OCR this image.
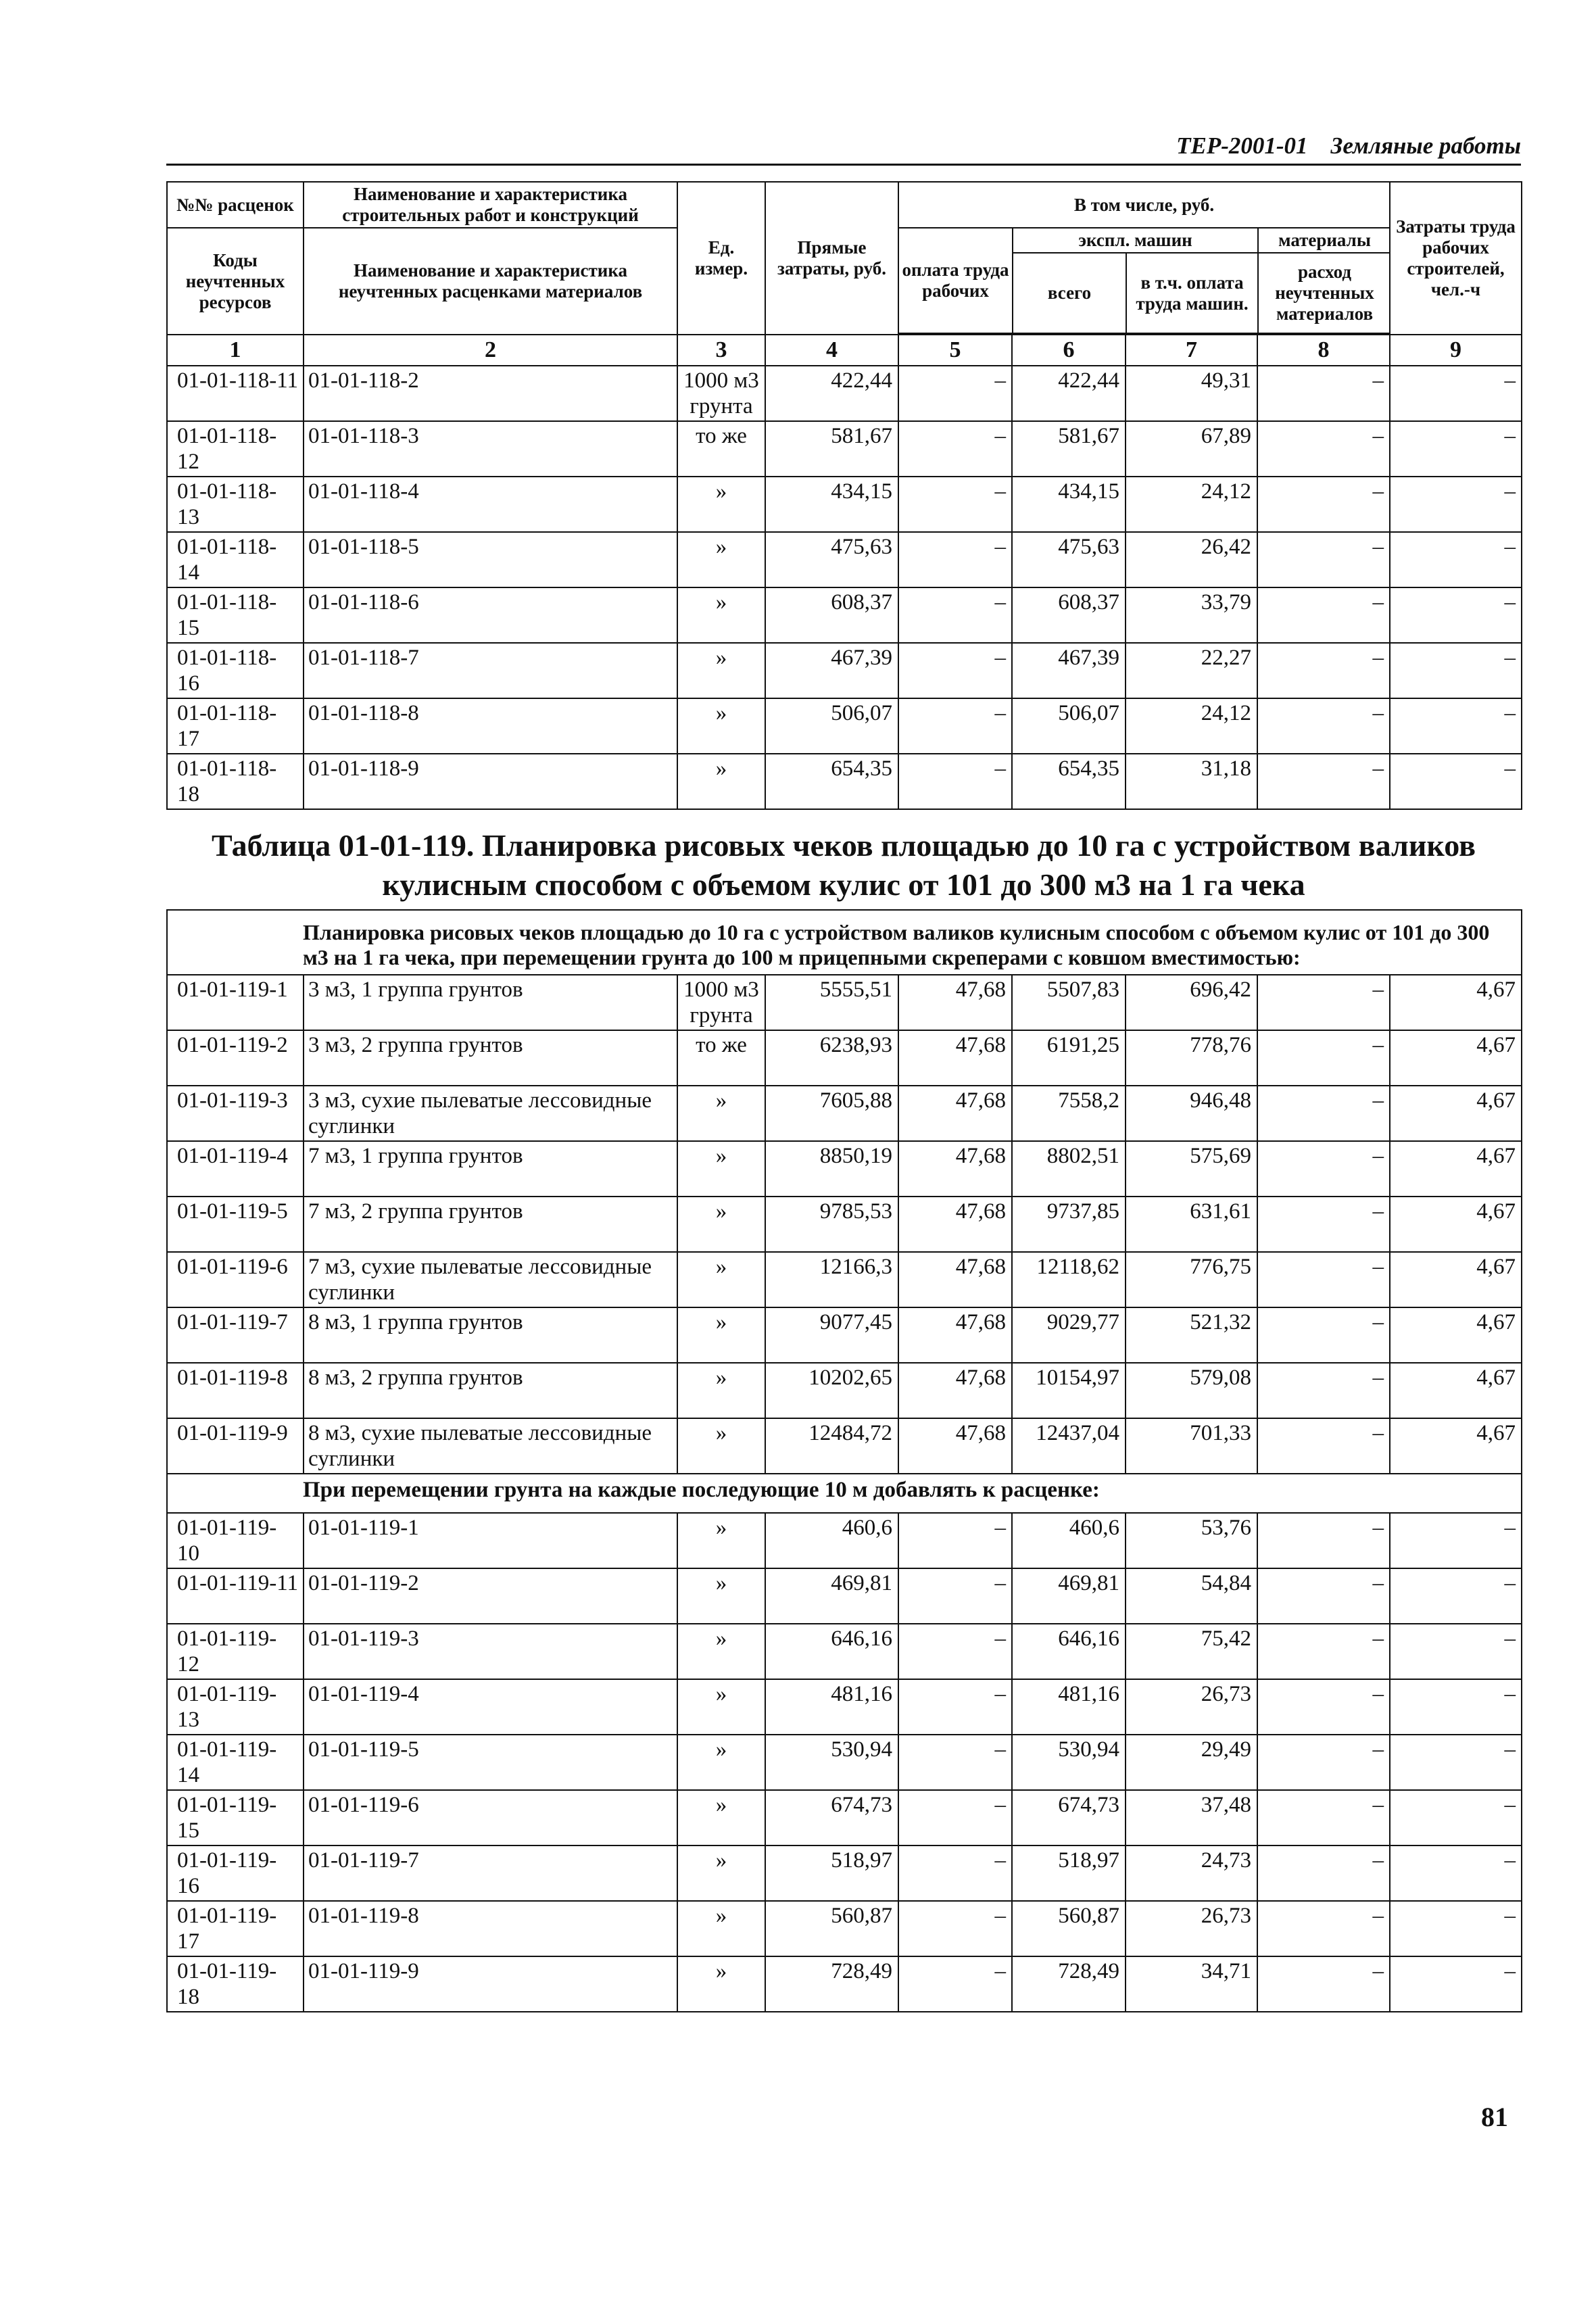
ТЕР-2001-01 Земляные работы
№№ расценок	Наименование и характеристика строительных работ и конструкций	Ед. измер.	Прямые затраты, руб.	В том числе, руб.	Затраты труда рабочих строителей, чел.-ч
Коды неучтенных ресурсов	Наименование и характеристика неучтенных расценками материалов	
оплата труда рабочих	экспл. машин	материалы
всего	в т.ч. оплата труда машин.	расход неучтенных материалов

1	2	3	4	5	6	7	8	9
01-01-118-11	01-01-118-2	1000 м3 грунта	422,44	–	422,44	49,31	–	–
01-01-118-12	01-01-118-3	то же	581,67	–	581,67	67,89	–	–
01-01-118-13	01-01-118-4	»	434,15	–	434,15	24,12	–	–
01-01-118-14	01-01-118-5	»	475,63	–	475,63	26,42	–	–
01-01-118-15	01-01-118-6	»	608,37	–	608,37	33,79	–	–
01-01-118-16	01-01-118-7	»	467,39	–	467,39	22,27	–	–
01-01-118-17	01-01-118-8	»	506,07	–	506,07	24,12	–	–
01-01-118-18	01-01-118-9	»	654,35	–	654,35	31,18	–	–
Таблица 01-01-119. Планировка рисовых чеков площадью до 10 га с устройством валиков кулисным способом с объемом кулис от 101 до 300 м3 на 1 га чека
Планировка рисовых чеков площадью до 10 га с устройством валиков кулисным способом с объемом кулис от 101 до 300 м3 на 1 га чека, при перемещении грунта до 100 м прицепными скреперами с ковшом вместимостью:								
01-01-119-1	3 м3, 1 группа грунтов	1000 м3 грунта	5555,51	47,68	5507,83	696,42	–	4,67
01-01-119-2	3 м3, 2 группа грунтов	то же	6238,93	47,68	6191,25	778,76	–	4,67
01-01-119-3	3 м3, сухие пылеватые лессовидные суглинки	»	7605,88	47,68	7558,2	946,48	–	4,67
01-01-119-4	7 м3, 1 группа грунтов	»	8850,19	47,68	8802,51	575,69	–	4,67
01-01-119-5	7 м3, 2 группа грунтов	»	9785,53	47,68	9737,85	631,61	–	4,67
01-01-119-6	7 м3, сухие пылеватые лессовидные суглинки	»	12166,3	47,68	12118,62	776,75	–	4,67
01-01-119-7	8 м3, 1 группа грунтов	»	9077,45	47,68	9029,77	521,32	–	4,67
01-01-119-8	8 м3, 2 группа грунтов	»	10202,65	47,68	10154,97	579,08	–	4,67
01-01-119-9	8 м3, сухие пылеватые лессовидные суглинки	»	12484,72	47,68	12437,04	701,33	–	4,67
При перемещении грунта на каждые последующие 10 м добавлять к расценке:								
01-01-119-10	01-01-119-1	»	460,6	–	460,6	53,76	–	–
01-01-119-11	01-01-119-2	»	469,81	–	469,81	54,84	–	–
01-01-119-12	01-01-119-3	»	646,16	–	646,16	75,42	–	–
01-01-119-13	01-01-119-4	»	481,16	–	481,16	26,73	–	–
01-01-119-14	01-01-119-5	»	530,94	–	530,94	29,49	–	–
01-01-119-15	01-01-119-6	»	674,73	–	674,73	37,48	–	–
01-01-119-16	01-01-119-7	»	518,97	–	518,97	24,73	–	–
01-01-119-17	01-01-119-8	»	560,87	–	560,87	26,73	–	–
01-01-119-18	01-01-119-9	»	728,49	–	728,49	34,71	–	–
81
